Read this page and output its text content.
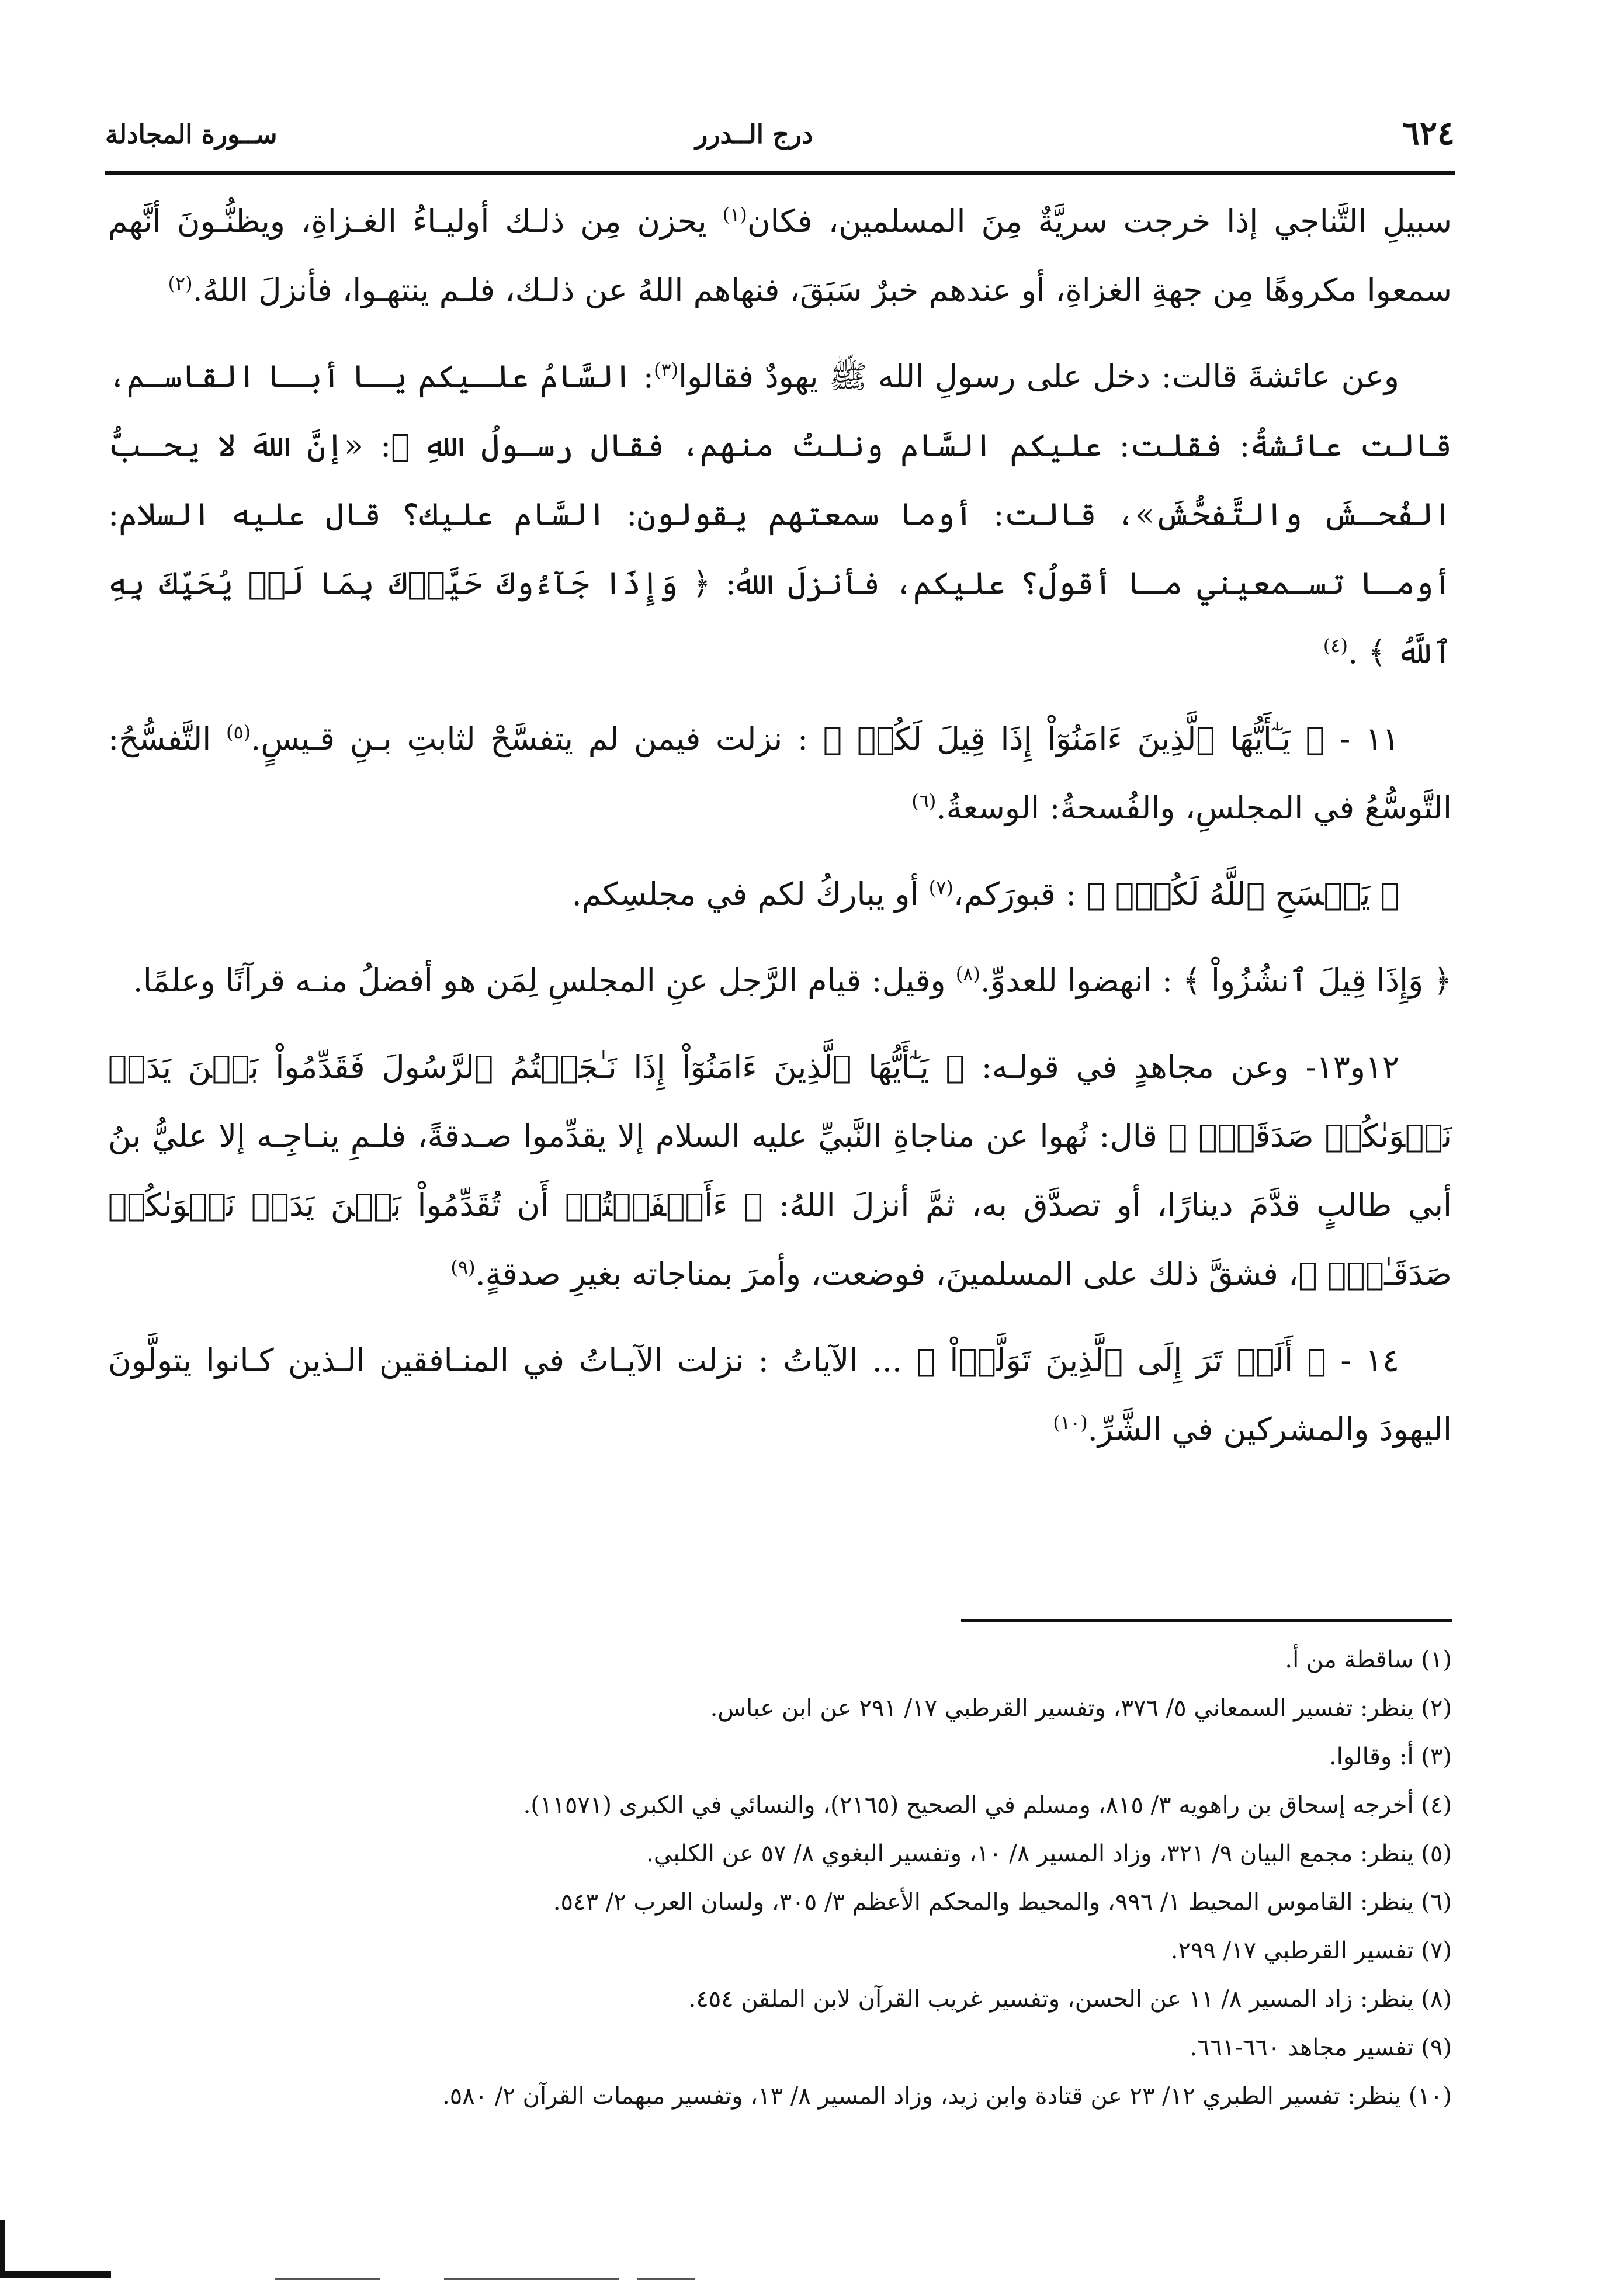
ســورة المجادلة	درج الــدرر	٦٢٤

سبيلِ التَّناجي إذا خرجت سريَّةٌ مِنَ المسلمين، فكان$^{(١)}$ يحزن مِن ذلـك أوليـاءُ الغـزاةِ، ويظنُّـونَ أنَّهم سمعوا مكروهًا مِن جهةِ الغزاةِ، أو عندهم خبرٌ سَبَقَ، فنهاهم اللهُ عن ذلـك، فلـم ينتهـوا، فأنزلَ اللهُ.$^{(٢)}$

وعن عائشةَ قالت: دخل على رسولِ الله ﷺ يهودٌ فقالوا$^{(٣)}$: السَّامُ علـيكم يـا أبـا القاسـم، قالت عائشةُ: فقلت: عليكم السَّام ونلتُ منهم، فقال رسـولُ اللهِ ﷺ: «إنَّ اللهَ لا يحـبُّ الفُحـشَ والتَّفحُّشَ»، قالت: أوما سمعتهم يقولون: السَّام عليك؟ قال عليه السلام: أومـا تسـمعيني مـا أقولُ؟ عليكم، فأنزلَ اللهُ: ﴿ وَإِذَا جَآءُوكَ حَيَّوۡكَ بِمَا لَمۡ يُحَيِّكَ بِهِ ٱللَّهُ ﴾ .$^{(٤)}$

١١ - ﴿ يَـٰٓأَيُّهَا ٱلَّذِينَ ءَامَنُوٓاْ إِذَا قِيلَ لَكُمۡ ﴾ : نزلت فيمن لم يتفسَّحْ لثابتِ بـنِ قـيسٍ.$^{(٥)}$ التَّفسُّحُ: التَّوسُّعُ في المجلسِ، والفُسحةُ: الوسعةُ.$^{(٦)}$

﴿ يَفۡسَحِ ٱللَّهُ لَكُمۡۖ ﴾ : قبورَكم،$^{(٧)}$ أو يباركُ لكم في مجلسِكم.

﴿ وَإِذَا قِيلَ ٱنشُزُواْ ﴾ : انهضوا للعدوِّ.$^{(٨)}$ وقيل: قيام الرَّجل عنِ المجلسِ لِمَن هو أفضلُ منـه قرآنًا وعلمًا.

١٢و١٣- وعن مجاهدٍ في قولـه: ﴿ يَـٰٓأَيُّهَا ٱلَّذِينَ ءَامَنُوٓاْ إِذَا نَـٰجَيۡتُمُ ٱلرَّسُولَ فَقَدِّمُواْ بَيۡنَ يَدَيۡ نَجۡوَىٰكُمۡ صَدَقَةٗۚ ﴾ قال: نُهوا عن مناجاةِ النَّبيِّ عليه السلام إلا يقدِّموا صـدقةً، فلـمِ ينـاجِـه إلا عليُّ بنُ أبي طالبٍ قدَّمَ دينارًا، أو تصدَّق به، ثمَّ أنزلَ اللهُ: ﴿ ءَأَشۡفَقۡتُمۡ أَن تُقَدِّمُواْ بَيۡنَ يَدَيۡ نَجۡوَىٰكُمۡ صَدَقَـٰتٖۚ ﴾، فشقَّ ذلك على المسلمينَ، فوضعت، وأمرَ بمناجاته بغيرِ صدقةٍ.$^{(٩)}$

١٤ - ﴿ أَلَمۡ تَرَ إِلَى ٱلَّذِينَ تَوَلَّوۡاْ ﴾ ... الآياتُ : نزلت الآيـاتُ في المنـافقين الـذين كـانوا يتولَّونَ اليهودَ والمشركين في الشَّرِّ.$^{(١٠)}$

(١) ساقطة من أ.

(٢) ينظر: تفسير السمعاني ٥/ ٣٧٦، وتفسير القرطبي ١٧/ ٢٩١ عن ابن عباس.

(٣) أ: وقالوا.

(٤) أخرجه إسحاق بن راهويه ٣/ ٨١٥، ومسلم في الصحيح (٢١٦٥)، والنسائي في الكبرى (١١٥٧١).

(٥) ينظر: مجمع البيان ٩/ ٣٢١، وزاد المسير ٨/ ١٠، وتفسير البغوي ٨/ ٥٧ عن الكلبي.

(٦) ينظر: القاموس المحيط ١/ ٩٩٦، والمحيط والمحكم الأعظم ٣/ ٣٠٥، ولسان العرب ٢/ ٥٤٣.

(٧) تفسير القرطبي ١٧/ ٢٩٩.

(٨) ينظر: زاد المسير ٨/ ١١ عن الحسن، وتفسير غريب القرآن لابن الملقن ٤٥٤.

(٩) تفسير مجاهد ٦٦٠-٦٦١.

(١٠) ينظر: تفسير الطبري ١٢/ ٢٣ عن قتادة وابن زيد، وزاد المسير ٨/ ١٣، وتفسير مبهمات القرآن ٢/ ٥٨٠.
